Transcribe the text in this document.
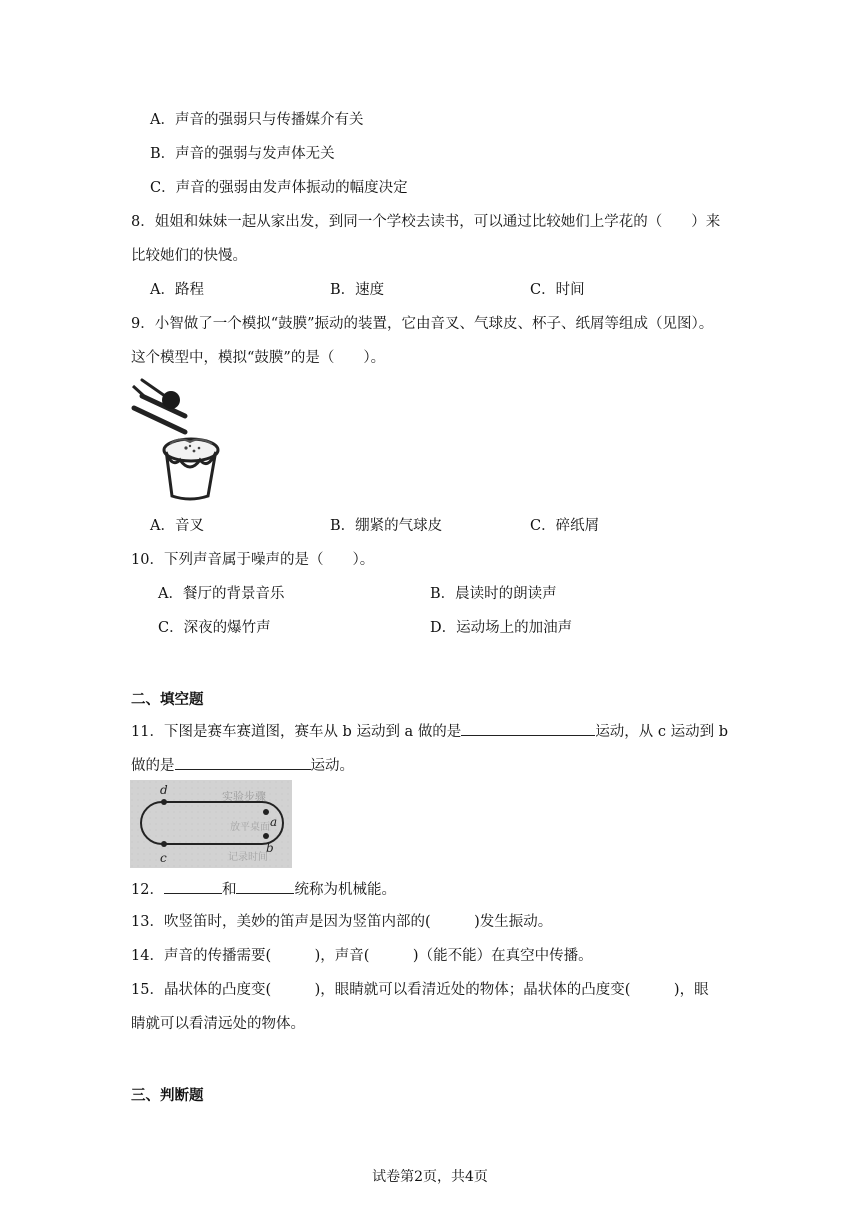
A．声音的强弱只与传播媒介有关
B．声音的强弱与发声体无关
C．声音的强弱由发声体振动的幅度决定
8．姐姐和妹妹一起从家出发，到同一个学校去读书，可以通过比较她们上学花的（　　）来
比较她们的快慢。
A．路程	B．速度	C．时间
9．小智做了一个模拟“鼓膜”振动的装置，它由音叉、气球皮、杯子、纸屑等组成（见图）。
这个模型中，模拟“鼓膜”的是（　　）。
A．音叉	B．绷紧的气球皮	C．碎纸屑
10．下列声音属于噪声的是（　　）。
A．餐厅的背景音乐	B．晨读时的朗读声
C．深夜的爆竹声	D．运动场上的加油声
二、填空题
11．下图是赛车赛道图，赛车从 b 运动到 a 做的是	运动，从 c 运动到 b
做的是	运动。
实验步骤
放平桌面
记录时间
d
a
b
c
12．	和	统称为机械能。
13．吹竖笛时，美妙的笛声是因为竖笛内部的(　　　)发生振动。
14．声音的传播需要(　　　)，声音(　　　)（能不能）在真空中传播。
15．晶状体的凸度变(　　　)，眼睛就可以看清近处的物体；晶状体的凸度变(　　　)，眼
睛就可以看清远处的物体。
三、判断题
试卷第2页，共4页
